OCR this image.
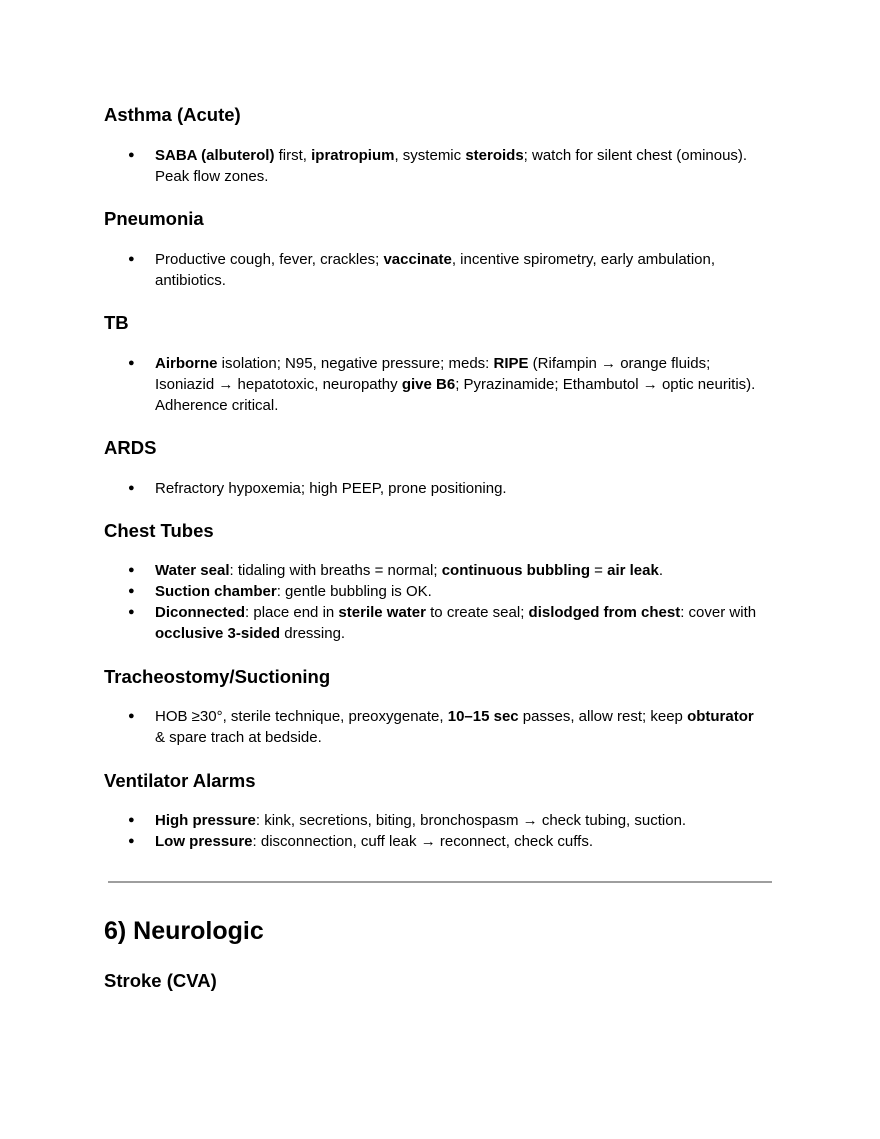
Asthma (Acute)
● SABA (albuterol) first, ipratropium, systemic steroids; watch for silent chest (ominous). Peak flow zones.
Pneumonia
● Productive cough, fever, crackles; vaccinate, incentive spirometry, early ambulation, antibiotics.
TB
● Airborne isolation; N95, negative pressure; meds: RIPE (Rifampin → orange fluids; Isoniazid → hepatotoxic, neuropathy give B6; Pyrazinamide; Ethambutol → optic neuritis). Adherence critical.
ARDS
● Refractory hypoxemia; high PEEP, prone positioning.
Chest Tubes
● Water seal: tidaling with breaths = normal; continuous bubbling = air leak.
● Suction chamber: gentle bubbling is OK.
● Diconnected: place end in sterile water to create seal; dislodged from chest: cover with occlusive 3-sided dressing.
Tracheostomy/Suctioning
● HOB ≥30°, sterile technique, preoxygenate, 10–15 sec passes, allow rest; keep obturator & spare trach at bedside.
Ventilator Alarms
● High pressure: kink, secretions, biting, bronchospasm → check tubing, suction.
● Low pressure: disconnection, cuff leak → reconnect, check cuffs.
6) Neurologic
Stroke (CVA)
